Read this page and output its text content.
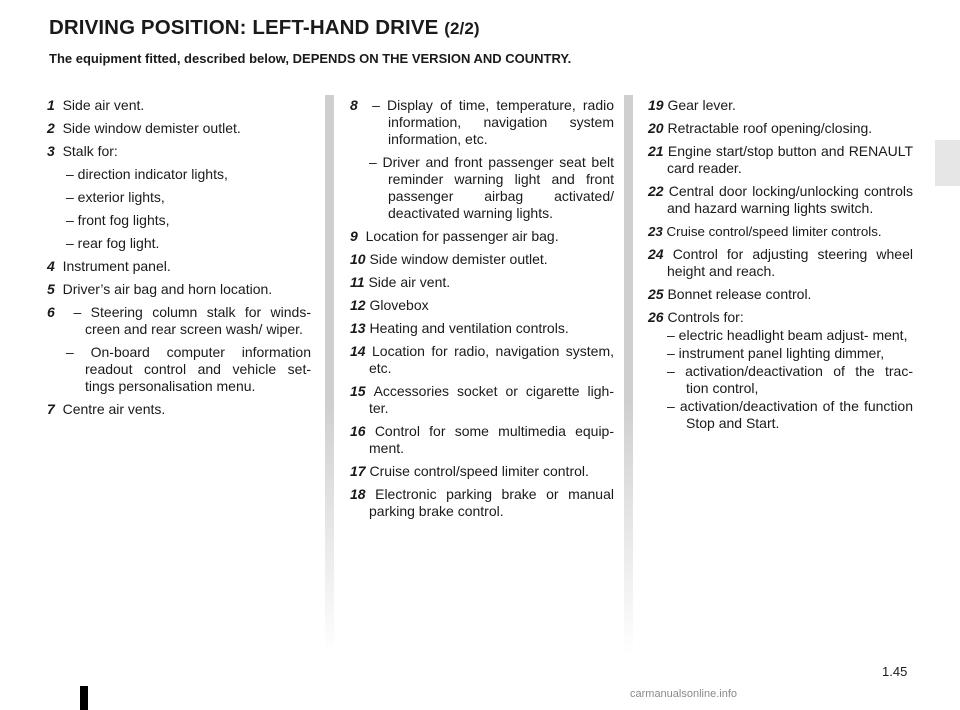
DRIVING POSITION: LEFT-HAND DRIVE (2/2)
The equipment fitted, described below, DEPENDS ON THE VERSION AND COUNTRY.
1 Side air vent.
2 Side window demister outlet.
3 Stalk for:
– direction indicator lights,
– exterior lights,
– front fog lights,
– rear fog light.
4 Instrument panel.
5 Driver’s air bag and horn location.
6 – Steering column stalk for winds- creen and rear screen wash/ wiper.
– On-board computer information readout control and vehicle set- tings personalisation menu.
7 Centre air vents.
8 – Display of time, temperature, radio information, navigation system information, etc.
– Driver and front passenger seat belt reminder warning light and front passenger airbag activated/ deactivated warning lights.
9 Location for passenger air bag.
10 Side window demister outlet.
11 Side air vent.
12 Glovebox
13 Heating and ventilation controls.
14 Location for radio, navigation system, etc.
15 Accessories socket or cigarette ligh- ter.
16 Control for some multimedia equip- ment.
17 Cruise control/speed limiter control.
18 Electronic parking brake or manual parking brake control.
19 Gear lever.
20 Retractable roof opening/closing.
21 Engine start/stop button and RENAULT card reader.
22 Central door locking/unlocking controls and hazard warning lights switch.
23 Cruise control/speed limiter controls.
24 Control for adjusting steering wheel height and reach.
25 Bonnet release control.
26 Controls for:
– electric headlight beam adjust- ment,
– instrument panel lighting dimmer,
– activation/deactivation of the trac- tion control,
– activation/deactivation of the function Stop and Start.
1.45
carmanualsonline.info
